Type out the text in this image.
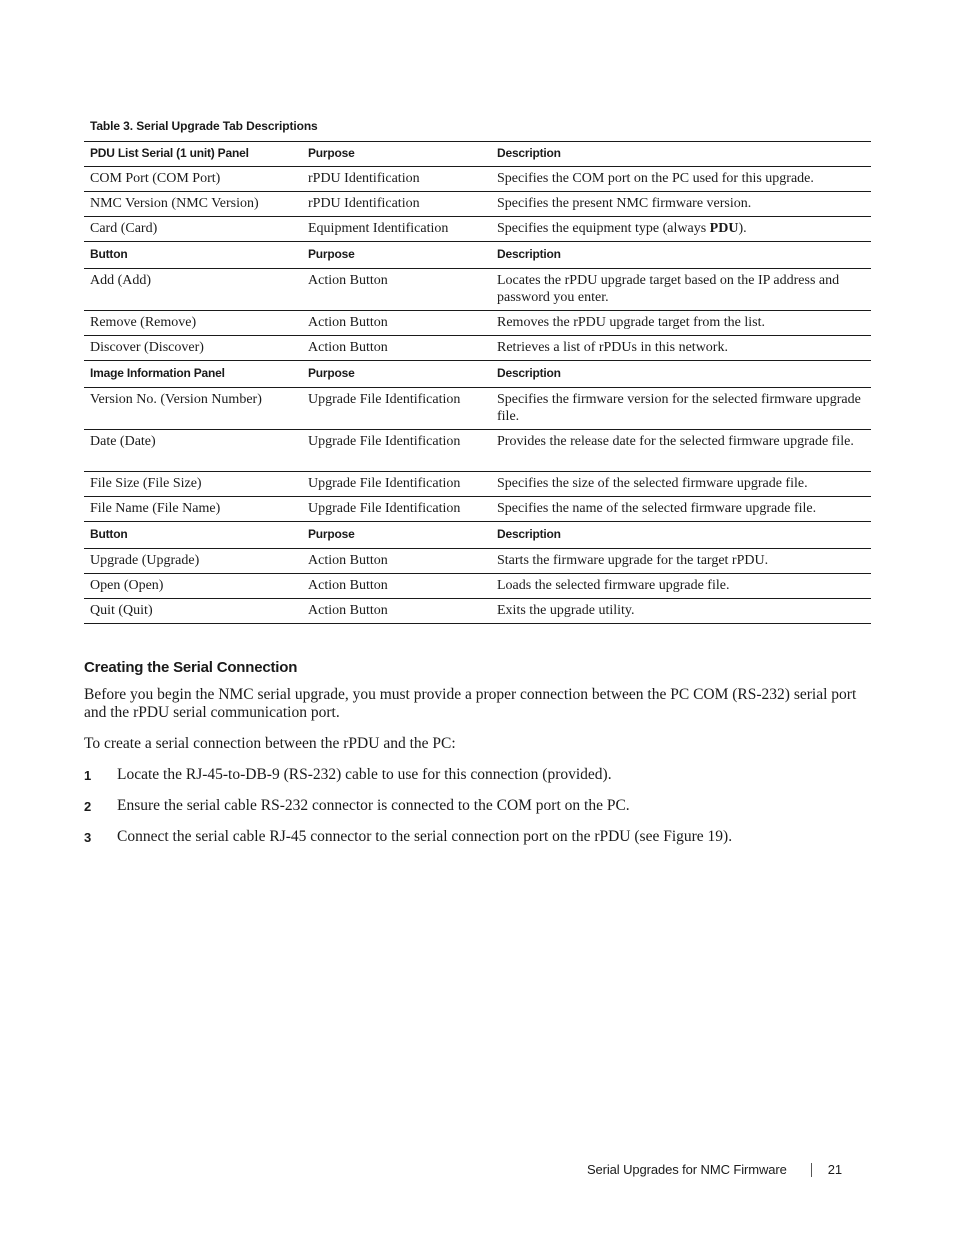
Table 3. Serial Upgrade Tab Descriptions
PDU List Serial (1 unit) Panel	Purpose	Description
COM Port (COM Port)	rPDU Identification	Specifies the COM port on the PC used for this upgrade.
NMC Version (NMC Version)	rPDU Identification	Specifies the present NMC firmware version.
Card (Card)	Equipment Identification	Specifies the equipment type (always PDU).
Button	Purpose	Description
Add (Add)	Action Button	Locates the rPDU upgrade target based on the IP address and password you enter.
Remove (Remove)	Action Button	Removes the rPDU upgrade target from the list.
Discover (Discover)	Action Button	Retrieves a list of rPDUs in this network.
Image Information Panel	Purpose	Description
Version No. (Version Number)	Upgrade File Identification	Specifies the firmware version for the selected firmware upgrade file.
Date (Date)	Upgrade File Identification	Provides the release date for the selected firmware upgrade file.
File Size (File Size)	Upgrade File Identification	Specifies the size of the selected firmware upgrade file.
File Name (File Name)	Upgrade File Identification	Specifies the name of the selected firmware upgrade file.
Button	Purpose	Description
Upgrade (Upgrade)	Action Button	Starts the firmware upgrade for the target rPDU.
Open (Open)	Action Button	Loads the selected firmware upgrade file.
Quit (Quit)	Action Button	Exits the upgrade utility.
Creating the Serial Connection
Before you begin the NMC serial upgrade, you must provide a proper connection between the PC COM (RS-232) serial port and the rPDU serial communication port.
To create a serial connection between the rPDU and the PC:
1 Locate the RJ-45-to-DB-9 (RS-232) cable to use for this connection (provided).
2 Ensure the serial cable RS-232 connector is connected to the COM port on the PC.
3 Connect the serial cable RJ-45 connector to the serial connection port on the rPDU (see Figure 19).
Serial Upgrades for NMC Firmware	21
